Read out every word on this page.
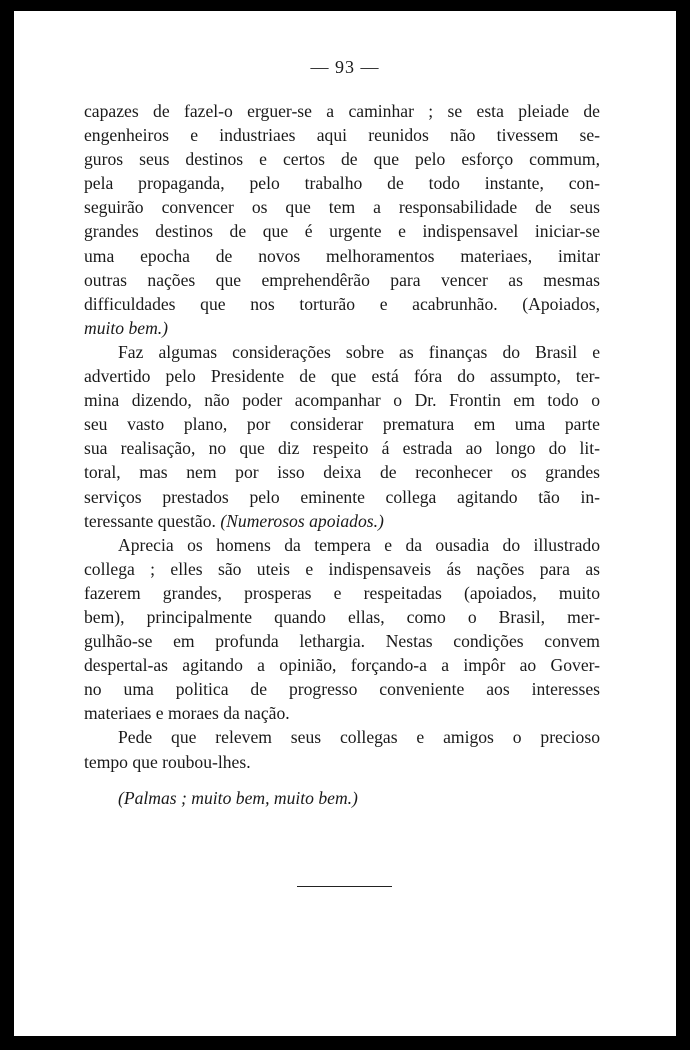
— 93 —

capazes de fazel-o erguer-se a caminhar ; se esta pleiade de

engenheiros e industriaes aqui reunidos não tivessem se-

guros seus destinos e certos de que pelo esforço commum,

pela propaganda, pelo trabalho de todo instante, con-

seguirão convencer os que tem a responsabilidade de seus

grandes destinos de que é urgente e indispensavel iniciar-se

uma epocha de novos melhoramentos materiaes, imitar

outras nações que emprehendêrão para vencer as mesmas

difficuldades que nos torturão e acabrunhão. (Apoiados,

muito bem.)

Faz algumas considerações sobre as finanças do Brasil e

advertido pelo Presidente de que está fóra do assumpto, ter-

mina dizendo, não poder acompanhar o Dr. Frontin em todo o

seu vasto plano, por considerar prematura em uma parte

sua realisação, no que diz respeito á estrada ao longo do lit-

toral, mas nem por isso deixa de reconhecer os grandes

serviços prestados pelo eminente collega agitando tão in-

teressante questão. (Numerosos apoiados.)

Aprecia os homens da tempera e da ousadia do illustrado

collega ; elles são uteis e indispensaveis ás nações para as

fazerem grandes, prosperas e respeitadas (apoiados, muito

bem), principalmente quando ellas, como o Brasil, mer-

gulhão-se em profunda lethargia. Nestas condições convem

despertal-as agitando a opinião, forçando-a a impôr ao Gover-

no uma politica de progresso conveniente aos interesses

materiaes e moraes da nação.

Pede que relevem seus collegas e amigos o precioso

tempo que roubou-lhes.

(Palmas ; muito bem, muito bem.)
